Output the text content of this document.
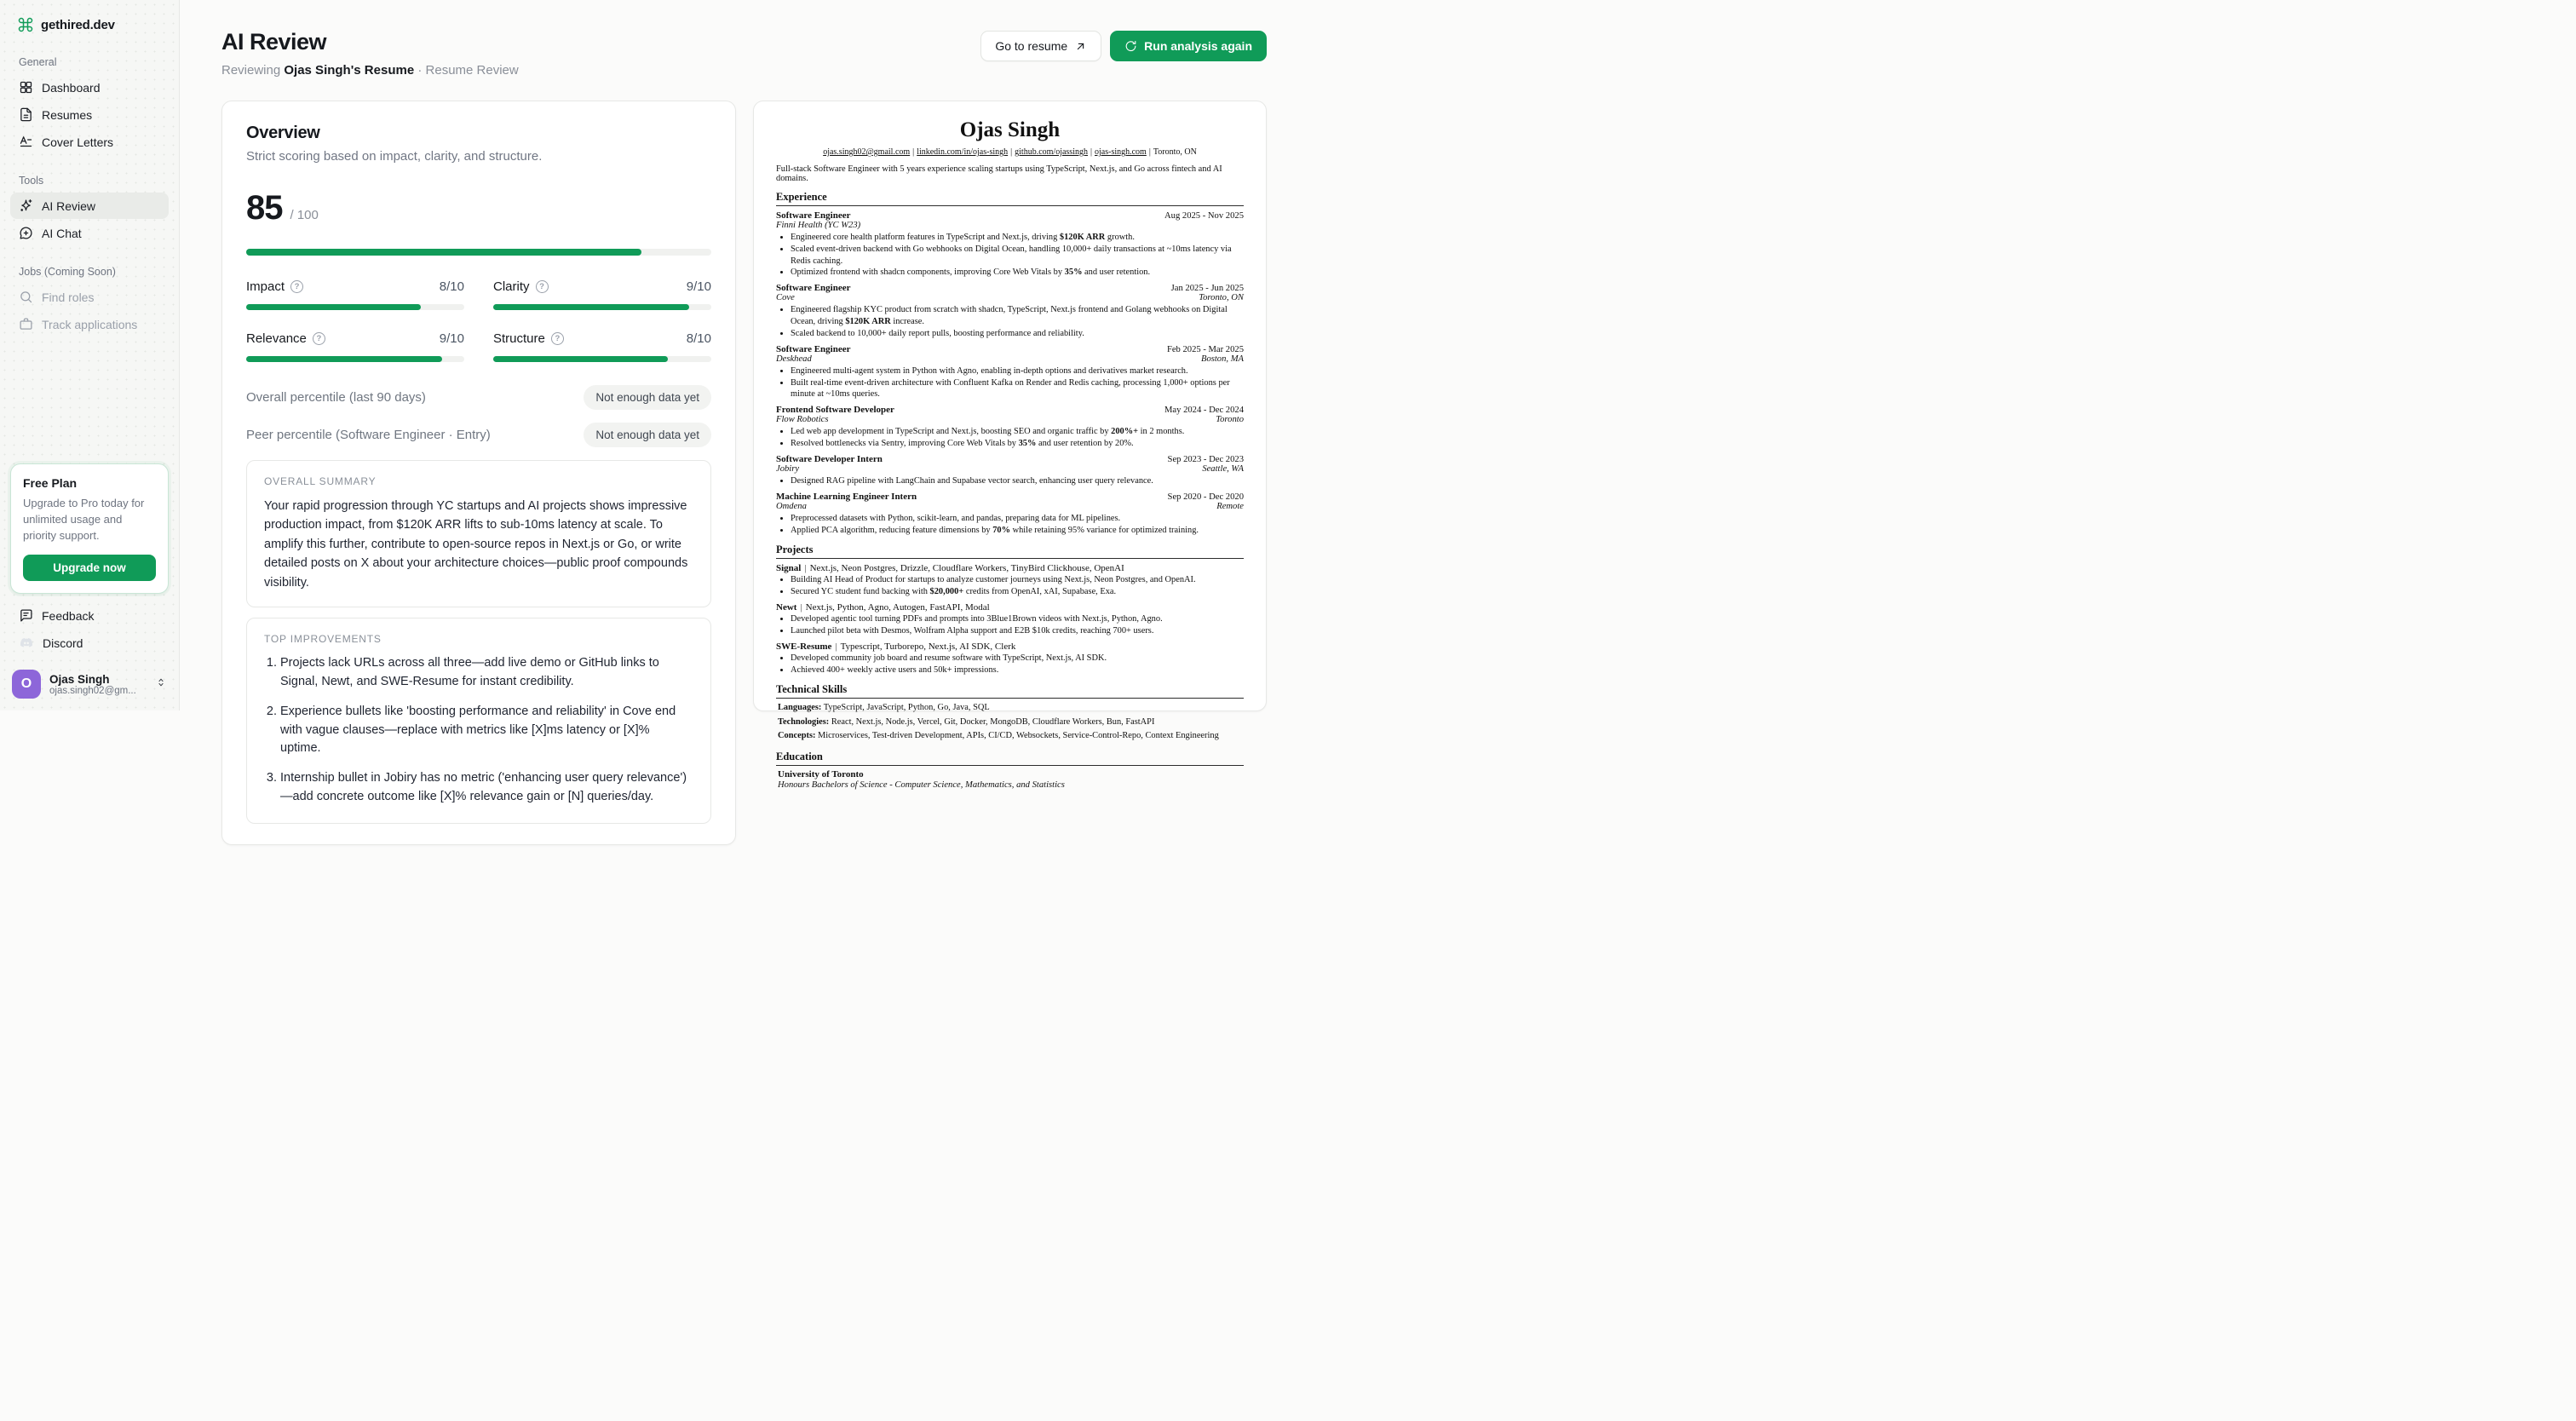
gethired.dev
General
Dashboard
Resumes
Cover Letters
Tools
AI Review
AI Chat
Jobs (Coming Soon)
Find roles
Track applications
Free Plan
Upgrade to Pro today for unlimited usage and priority support.
Upgrade now
Feedback
Discord
O	Ojas Singh
ojas.singh02@gm...
AI Review

Reviewing Ojas Singh's Resume · Resume Review

Go to resume	Run analysis again
Overview

Strict scoring based on impact, clarity, and structure.

85 / 100
Impact	?	8/10 Clarity	?	9/10
Relevance	?	9/10 Structure	?	8/10
Overall percentile (last 90 days)	Not enough data yet
Peer percentile (Software Engineer · Entry)	Not enough data yet
OVERALL SUMMARY
Your rapid progression through YC startups and AI projects shows impressive production impact, from $120K ARR lifts to sub-10ms latency at scale. To amplify this further, contribute to open-source repos in Next.js or Go, or write detailed posts on X about your architecture choices—public proof compounds visibility.
TOP IMPROVEMENTS
1. Projects lack URLs across all three—add live demo or GitHub links to Signal, Newt, and SWE-Resume for instant credibility.
2. Experience bullets like 'boosting performance and reliability' in Cove end with vague clauses—replace with metrics like [X]ms latency or [X]% uptime.
3. Internship bullet in Jobiry has no metric ('enhancing user query relevance')—add concrete outcome like [X]% relevance gain or [N] queries/day.
Ojas Singh
ojas.singh02@gmail.com | linkedin.com/in/ojas-singh | github.com/ojassingh | ojas-singh.com | Toronto, ON
Full-stack Software Engineer with 5 years experience scaling startups using TypeScript, Next.js, and Go across fintech and AI domains.
Experience
Software Engineer	Aug 2025 - Nov 2025
Finni Health (YC W23)
• Engineered core health platform features in TypeScript and Next.js, driving $120K ARR growth.
• Scaled event-driven backend with Go webhooks on Digital Ocean, handling 10,000+ daily transactions at ~10ms latency via Redis caching.
• Optimized frontend with shadcn components, improving Core Web Vitals by 35% and user retention.
Software Engineer	Jan 2025 - Jun 2025
Cove	Toronto, ON
• Engineered flagship KYC product from scratch with shadcn, TypeScript, Next.js frontend and Golang webhooks on Digital Ocean, driving $120K ARR increase.
• Scaled backend to 10,000+ daily report pulls, boosting performance and reliability.
Software Engineer	Feb 2025 - Mar 2025
Deskhead	Boston, MA
• Engineered multi-agent system in Python with Agno, enabling in-depth options and derivatives market research.
• Built real-time event-driven architecture with Confluent Kafka on Render and Redis caching, processing 1,000+ options per minute at ~10ms queries.
Frontend Software Developer	May 2024 - Dec 2024
Flow Robotics	Toronto
• Led web app development in TypeScript and Next.js, boosting SEO and organic traffic by 200%+ in 2 months.
• Resolved bottlenecks via Sentry, improving Core Web Vitals by 35% and user retention by 20%.
Software Developer Intern	Sep 2023 - Dec 2023
Jobiry	Seattle, WA
• Designed RAG pipeline with LangChain and Supabase vector search, enhancing user query relevance.
Machine Learning Engineer Intern	Sep 2020 - Dec 2020
Omdena	Remote
• Preprocessed datasets with Python, scikit-learn, and pandas, preparing data for ML pipelines.
• Applied PCA algorithm, reducing feature dimensions by 70% while retaining 95% variance for optimized training.
Projects
Signal | Next.js, Neon Postgres, Drizzle, Cloudflare Workers, TinyBird Clickhouse, OpenAI
• Building AI Head of Product for startups to analyze customer journeys using Next.js, Neon Postgres, and OpenAI.
• Secured YC student fund backing with $20,000+ credits from OpenAI, xAI, Supabase, Exa.
Newt | Next.js, Python, Agno, Autogen, FastAPI, Modal
• Developed agentic tool turning PDFs and prompts into 3Blue1Brown videos with Next.js, Python, Agno.
• Launched pilot beta with Desmos, Wolfram Alpha support and E2B $10k credits, reaching 700+ users.
SWE-Resume | Typescript, Turborepo, Next.js, AI SDK, Clerk
• Developed community job board and resume software with TypeScript, Next.js, AI SDK.
• Achieved 400+ weekly active users and 50k+ impressions.
Technical Skills
Languages: TypeScript, JavaScript, Python, Go, Java, SQL
Technologies: React, Next.js, Node.js, Vercel, Git, Docker, MongoDB, Cloudflare Workers, Bun, FastAPI
Concepts: Microservices, Test-driven Development, APIs, CI/CD, Websockets, Service-Control-Repo, Context Engineering
Education
University of Toronto
Honours Bachelors of Science - Computer Science, Mathematics, and Statistics
